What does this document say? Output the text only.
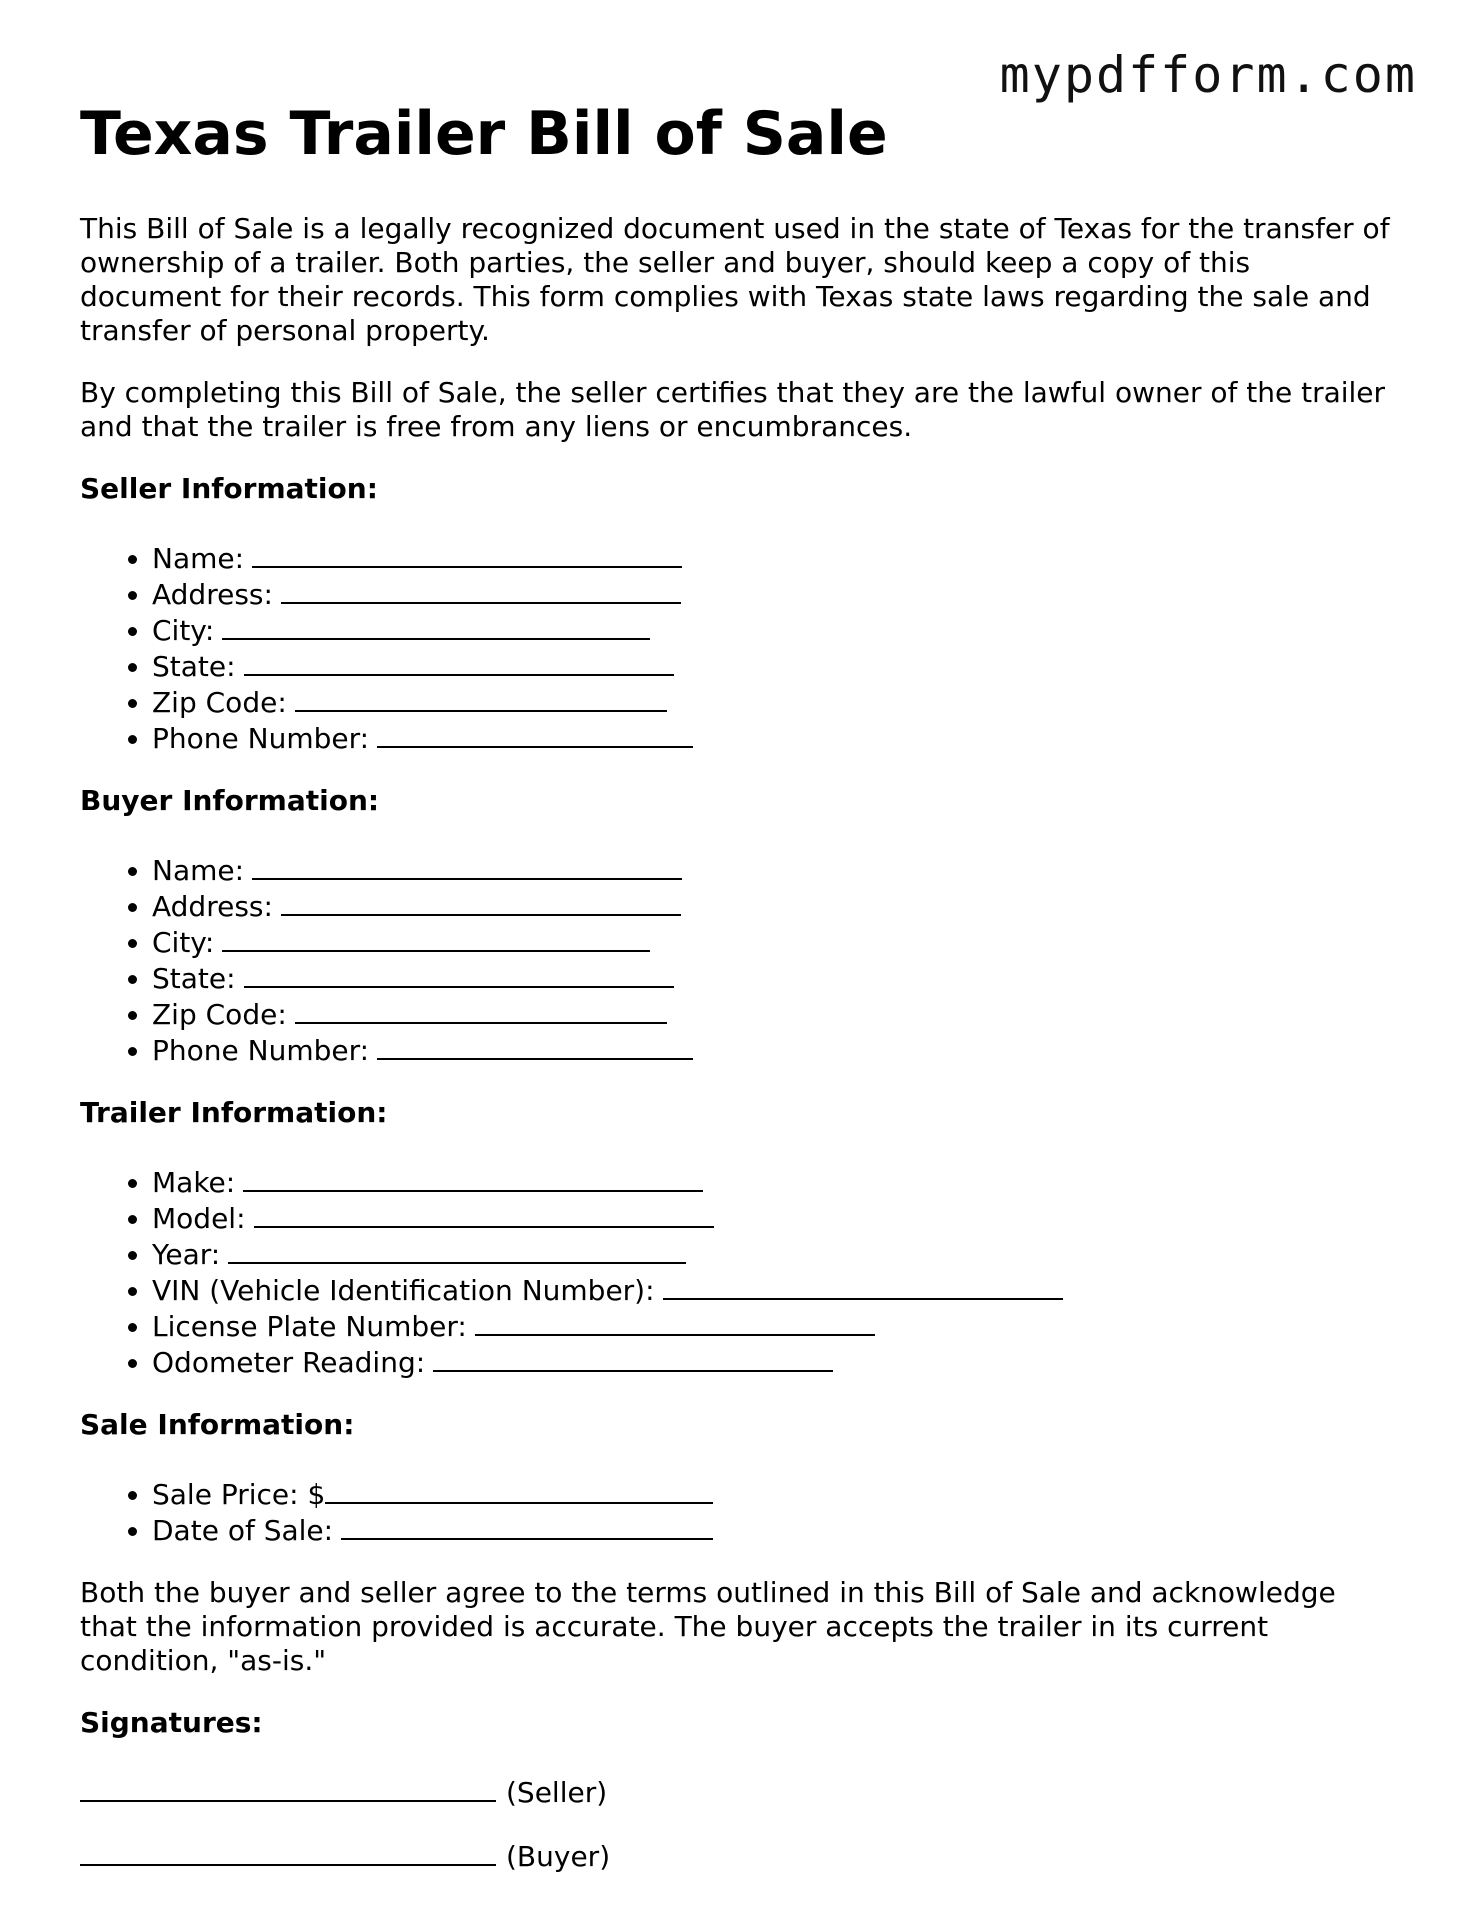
mypdfform.com
Texas Trailer Bill of Sale

This Bill of Sale is a legally recognized document used in the state of Texas for the transfer of ownership of a trailer. Both parties, the seller and buyer, should keep a copy of this document for their records. This form complies with Texas state laws regarding the sale and transfer of personal property.

By completing this Bill of Sale, the seller certifies that they are the lawful owner of the trailer and that the trailer is free from any liens or encumbrances.

Seller Information:

• Name:
• Address:
• City:
• State:
• Zip Code:
• Phone Number:

Buyer Information:

• Name:
• Address:
• City:
• State:
• Zip Code:
• Phone Number:

Trailer Information:

• Make:
• Model:
• Year:
• VIN (Vehicle Identification Number):
• License Plate Number:
• Odometer Reading:

Sale Information:

• Sale Price: $
• Date of Sale:

Both the buyer and seller agree to the terms outlined in this Bill of Sale and acknowledge that the information provided is accurate. The buyer accepts the trailer in its current condition, "as-is."

Signatures:

(Seller)
(Buyer)
